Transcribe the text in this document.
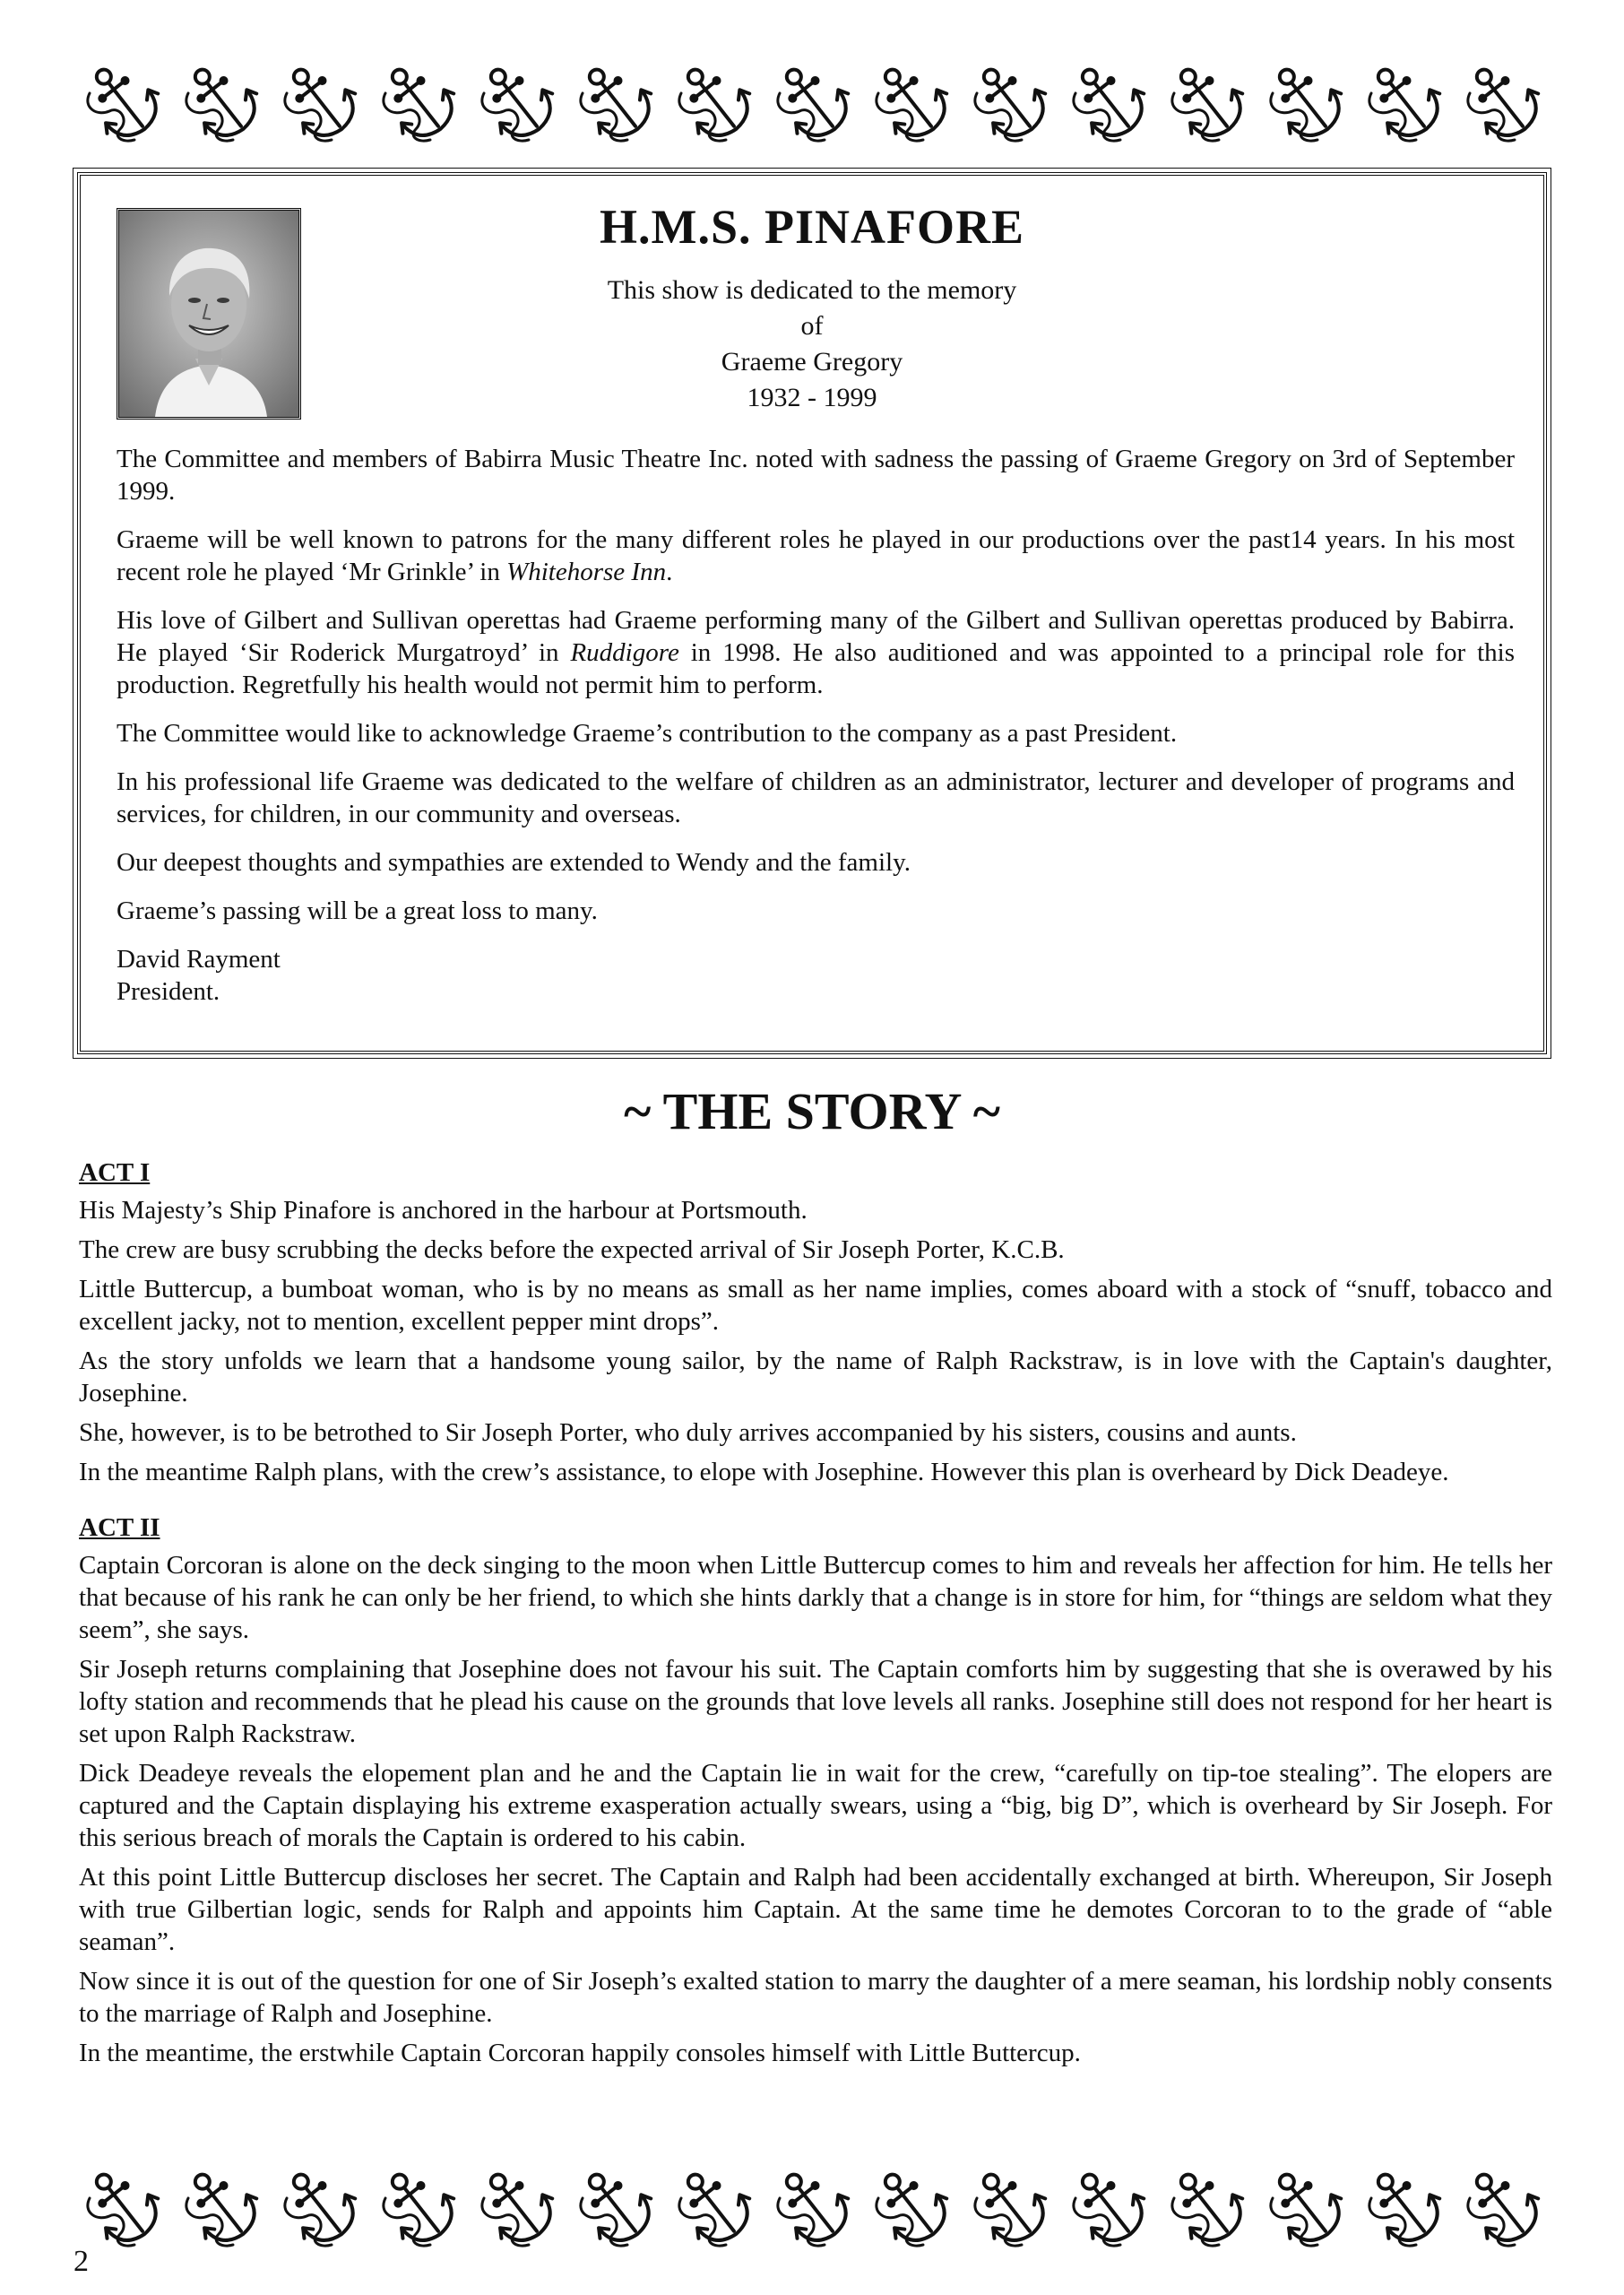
H.M.S. PINAFORE
This show is dedicated to the memory
of
Graeme Gregory
1932 - 1999

The Committee and members of Babirra Music Theatre Inc. noted with sadness the passing of Graeme Gregory on 3rd of September 1999.

Graeme will be well known to patrons for the many different roles he played in our productions over the past14 years. In his most recent role he played ‘Mr Grinkle’ in Whitehorse Inn.

His love of Gilbert and Sullivan operettas had Graeme performing many of the Gilbert and Sullivan operettas produced by Babirra. He played ‘Sir Roderick Murgatroyd’ in Ruddigore in 1998. He also auditioned and was appointed to a principal role for this production. Regretfully his health would not permit him to perform.

The Committee would like to acknowledge Graeme’s contribution to the company as a past President.

In his professional life Graeme was dedicated to the welfare of children as an administrator, lecturer and developer of programs and services, for children, in our community and overseas.

Our deepest thoughts and sympathies are extended to Wendy and the family.

Graeme’s passing will be a great loss to many.

David Rayment
President.
~ THE STORY ~
ACT I

His Majesty’s Ship Pinafore is anchored in the harbour at Portsmouth.

The crew are busy scrubbing the decks before the expected arrival of Sir Joseph Porter, K.C.B.

Little Buttercup, a bumboat woman, who is by no means as small as her name implies, comes aboard with a stock of “snuff, tobacco and excellent jacky, not to mention, excellent pepper mint drops”.

As the story unfolds we learn that a handsome young sailor, by the name of Ralph Rackstraw, is in love with the Captain's daughter, Josephine.

She, however, is to be betrothed to Sir Joseph Porter, who duly arrives accompanied by his sisters, cousins and aunts.

In the meantime Ralph plans, with the crew’s assistance, to elope with Josephine. However this plan is overheard by Dick Deadeye.

ACT II

Captain Corcoran is alone on the deck singing to the moon when Little Buttercup comes to him and reveals her affection for him. He tells her that because of his rank he can only be her friend, to which she hints darkly that a change is in store for him, for “things are seldom what they seem”, she says.

Sir Joseph returns complaining that Josephine does not favour his suit. The Captain comforts him by suggesting that she is overawed by his lofty station and recommends that he plead his cause on the grounds that love levels all ranks. Josephine still does not respond for her heart is set upon Ralph Rackstraw.

Dick Deadeye reveals the elopement plan and he and the Captain lie in wait for the crew, “carefully on tip-toe stealing”. The elopers are captured and the Captain displaying his extreme exasperation actually swears, using a “big, big D”, which is overheard by Sir Joseph. For this serious breach of morals the Captain is ordered to his cabin.

At this point Little Buttercup discloses her secret. The Captain and Ralph had been accidentally exchanged at birth. Whereupon, Sir Joseph with true Gilbertian logic, sends for Ralph and appoints him Captain. At the same time he demotes Corcoran to to the grade of “able seaman”.

Now since it is out of the question for one of Sir Joseph’s exalted station to marry the daughter of a mere seaman, his lordship nobly consents to the marriage of Ralph and Josephine.

In the meantime, the erstwhile Captain Corcoran happily consoles himself with Little Buttercup.

2
